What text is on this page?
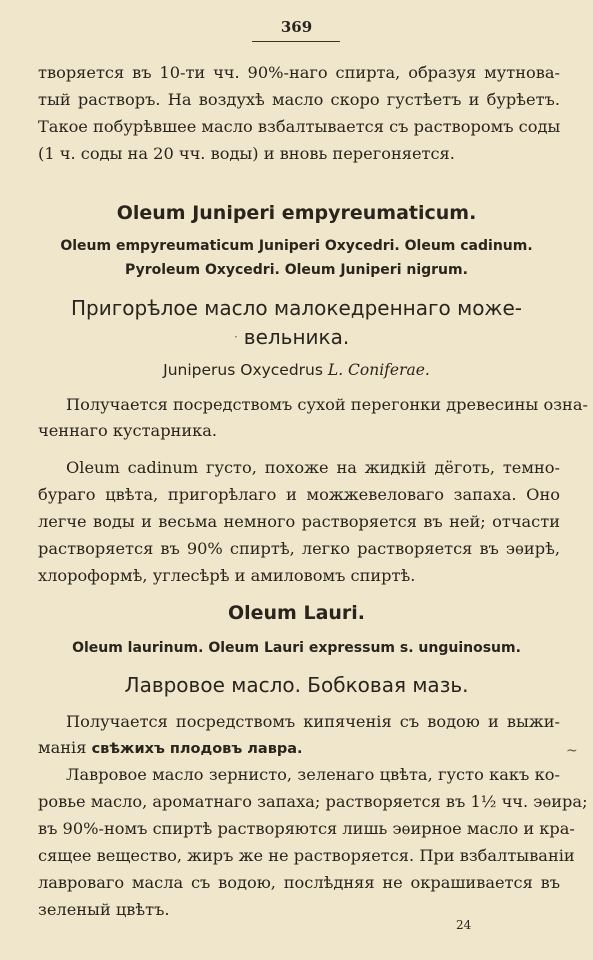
369
творяется въ 10-ти чч. 90%-наго спирта, образуя мутнова-
тый растворъ. На воздухѣ масло скоро густѣетъ и бурѣетъ.
Такое побурѣвшее масло взбалтывается съ растворомъ соды
(1 ч. соды на 20 чч. воды) и вновь перегоняется.
Oleum Juniperi empyreumaticum.
Oleum empyreumaticum Juniperi Oxycedri. Oleum cadinum.
Pyroleum Oxycedri. Oleum Juniperi nigrum.
Пригорѣлое масло малокедреннаго може-
вельника.
·
Juniperus Oxycedrus L. Coniferae.
Получается посредствомъ сухой перегонки древесины озна-
ченнаго кустарника.
Oleum cadinum густо, похоже на жидкій дёготь, темно-
бураго цвѣта, пригорѣлаго и можжевеловаго запаха. Оно
легче воды и весьма немного растворяется въ ней; отчасти
растворяется въ 90% спиртѣ, легко растворяется въ эѳирѣ,
хлороформѣ, углесѣрѣ и амиловомъ спиртѣ.
Oleum Lauri.
Oleum laurinum. Oleum Lauri expressum s. unguinosum.
Лавровое масло. Бобковая мазь.
Получается посредствомъ кипяченія съ водою и выжи-
манія свѣжихъ плодовъ лавра.
Лавровое масло зернисто, зеленаго цвѣта, густо какъ ко-
ровье масло, ароматнаго запаха; растворяется въ 1½ чч. эѳира;
въ 90%-номъ спиртѣ растворяются лишь эѳирное масло и кра-
сящее вещество, жиръ же не растворяется. При взбалтываніи
лавроваго масла съ водою, послѣдняя не окрашивается въ
зеленый цвѣтъ.
~
24
